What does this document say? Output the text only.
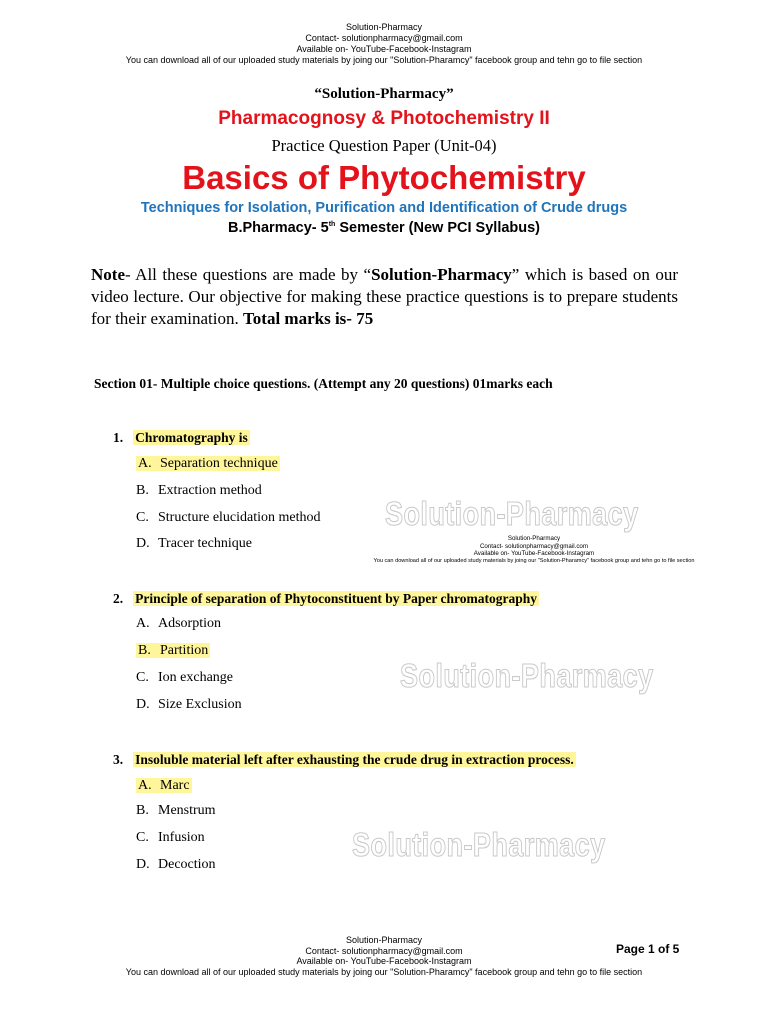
Solution-Pharmacy
Contact- solutionpharmacy@gmail.com
Available on- YouTube-Facebook-Instagram
You can download all of our uploaded study materials by joing our "Solution-Pharamcy" facebook group and tehn go to file section
“Solution-Pharmacy”
Pharmacognosy & Photochemistry II
Practice Question Paper (Unit-04)
Basics of Phytochemistry
Techniques for Isolation, Purification and Identification of Crude drugs
B.Pharmacy- 5th Semester (New PCI Syllabus)
Note- All these questions are made by “Solution-Pharmacy” which is based on our video lecture. Our objective for making these practice questions is to prepare students for their examination. Total marks is- 75
Section 01- Multiple choice questions. (Attempt any 20 questions) 01marks each
1. Chromatography is
A. Separation technique
B. Extraction method
C. Structure elucidation method
D. Tracer technique
Solution-Pharmacy
Solution-Pharmacy
Contact- solutionpharmacy@gmail.com
Available on- YouTube-Facebook-Instagram
You can download all of our uploaded study materials by joing our "Solution-Pharamcy" facebook group and tehn go to file section
2. Principle of separation of Phytoconstituent by Paper chromatography
A. Adsorption
B. Partition
C. Ion exchange
D. Size Exclusion
Solution-Pharmacy
3. Insoluble material left after exhausting the crude drug in extraction process.
A. Marc
B. Menstrum
C. Infusion
D. Decoction
Solution-Pharmacy
Solution-Pharmacy
Contact- solutionpharmacy@gmail.com
Available on- YouTube-Facebook-Instagram
You can download all of our uploaded study materials by joing our "Solution-Pharamcy" facebook group and tehn go to file section
Page 1 of 5
